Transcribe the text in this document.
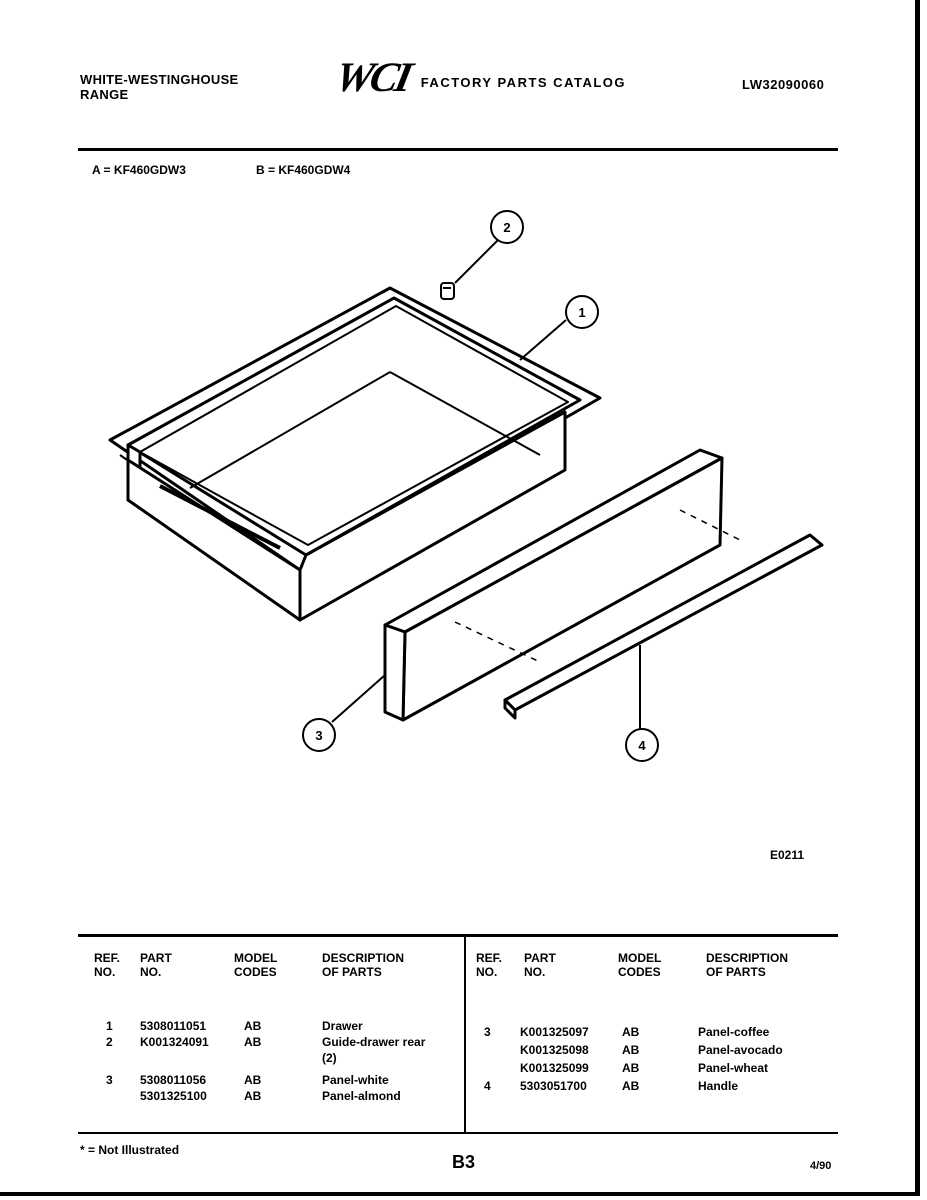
WHITE-WESTINGHOUSE
RANGE	WCI FACTORY PARTS CATALOG	LW32090060
A = KF460GDW3	B = KF460GDW4
1
2
3
4
E0211
REF.
NO.
PART
NO.
MODEL
CODES
DESCRIPTION
OF PARTS
REF.
NO.
PART
NO.
MODEL
CODES
DESCRIPTION
OF PARTS
1 5308011051	AB	Drawer
2 K001324091	AB	Guide-drawer rear
(2)
3 5308011056	AB	Panel-white
5301325100	AB	Panel-almond
3 K001325097	AB	Panel-coffee
K001325098	AB	Panel-avocado
K001325099	AB	Panel-wheat
4 5303051700	AB	Handle
* = Not Illustrated
B3	4/90
